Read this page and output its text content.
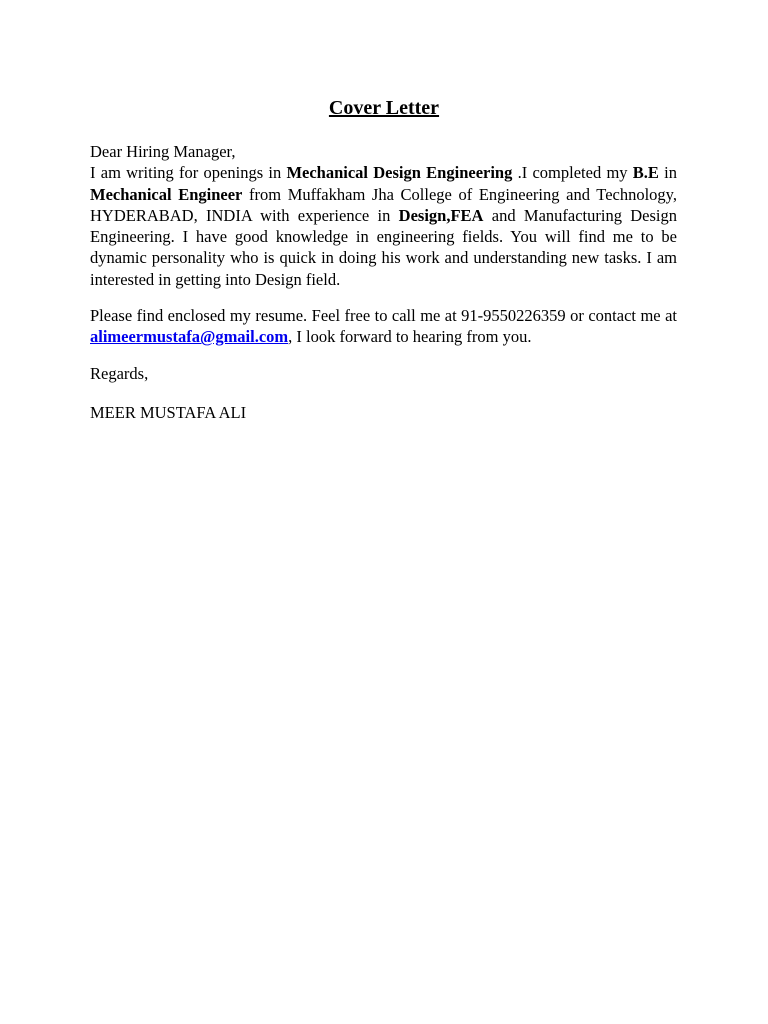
Cover Letter

Dear Hiring Manager,

I am writing for openings in Mechanical Design Engineering .I completed my B.E in Mechanical Engineer from Muffakham Jha College of Engineering and Technology, HYDERABAD, INDIA with experience in Design,FEA and Manufacturing Design Engineering. I have good knowledge in engineering fields. You will find me to be dynamic personality who is quick in doing his work and understanding new tasks. I am interested in getting into Design field.

Please find enclosed my resume. Feel free to call me at 91-9550226359 or contact me at alimeermustafa@gmail.com, I look forward to hearing from you.

Regards,

MEER MUSTAFA ALI
